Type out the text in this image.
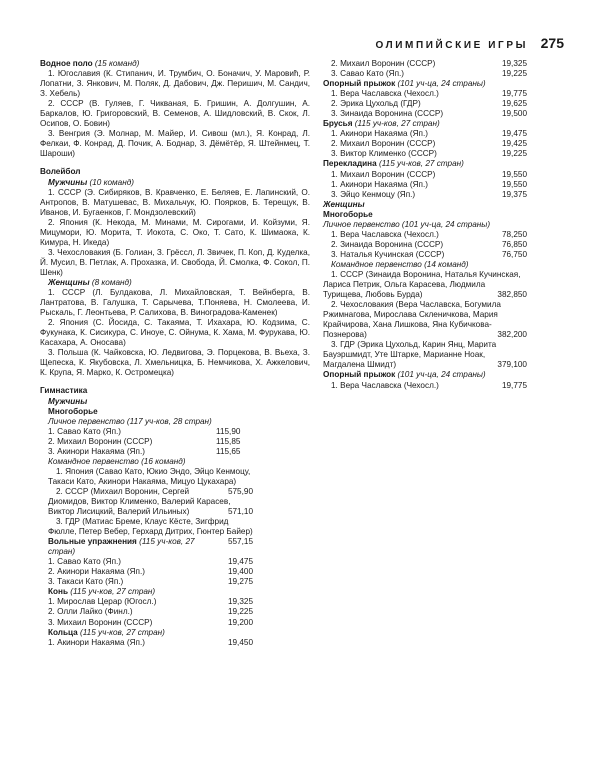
ОЛИМПИЙСКИЕ ИГРЫ 275

Водное поло (15 команд)

1. Югославия (К. Стипанич, И. Трумбич, О. Боначич, У. Маровић, Р. Лопатни, З. Янкович, М. Поляк, Д. Дабович, Дж. Перишич, М. Сандич, З. Хебель)

2. СССР (В. Гуляев, Г. Чикваная, Б. Гришин, А. Долгушин, А. Баркалов, Ю. Григоровский, В. Семенов, А. Шидловский, В. Скок, Л. Осипов, О. Бовин)

3. Венгрия (Э. Молнар, М. Майер, И. Сивош (мл.), Я. Конрад, Л. Фелкаи, Ф. Конрад, Д. Почик, А. Боднар, З. Дёмётёр, Я. Штейнмец, Т. Шароши)

Волейбол

Мужчины (10 команд)

1. СССР (Э. Сибиряков, В. Кравченко, Е. Беляев, Е. Лапинский, О. Антропов, В. Матушевас, В. Михальчук, Ю. Поярков, Б. Терещук, В. Иванов, И. Бугаенков, Г. Мондзолевский)

2. Япония (К. Некода, М. Минами, М. Сирогами, И. Койзуми, Я. Мицумори, Ю. Морита, Т. Иокота, С. Око, Т. Сато, К. Шимаока, К. Кимура, Н. Икеда)

3. Чехословакия (Б. Голиан, З. Грёссл, Л. Звичек, П. Коп, Д. Куделка, Й. Мусил, В. Петлак, А. Прохазка, И. Свобода, Й. Смолка, Ф. Сокол, П. Шенк)

Женщины (8 команд)

1. СССР (Л. Булдакова, Л. Михайловская, Т. Вейнберга, В. Лантратова, В. Галушка, Т. Сарычева, Т.Поняева, Н. Смолеева, И. Рыскаль, Г. Леонтьева, Р. Салихова, В. Виноградова-Каменек)

2. Япония (С. Йосида, С. Такаяма, Т. Ихахара, Ю. Кодзима, С. Фукунака, К. Сисикура, С. Иноуе, С. Ойнума, К. Хама, М. Фурукава, Ю. Касахара, А. Оноcaва)

3. Польша (К. Чайковска, Ю. Ледвигова, Э. Порцекова, В. Вьеха, З. Щепеcка, К. Якубовска, Л. Хмельницка, Б. Немчикова, Х. Ажкелович, К. Крупа, Я. Марко, К. Остромецка)

Гимнастика

Мужчины

Многоборье

Личное первенство (117 уч-ков, 28 стран)

1. Савао Като (Яп.)	115,90
2. Михаил Воронин (СССР)	115,85
3. Акинори Накаяма (Яп.)	115,65

Командное первенство (16 команд)

1. Япония (Савао Като, Юкио Эндо, Эйцо Кенмоцу, Такаси Като, Акинори Накаяма, Мицуо Цукахара)
575,90

2. СССР (Михаил Воронин, Сергей Диомидов, Виктор Клименко, Валерий Карасев, Виктор Лисицкий, Валерий Ильиных)	571,10

3. ГДР (Матиас Бреме, Клаус Кёсте, Зигфрид Фюлле, Петер Вебер, Герхард Дитрих, Гюнтер Байер)
557,15

Вольные упражнения (115 уч-ков, 27 стран)

1. Савао Като (Яп.)	19,475
2. Акинори Накаяма (Яп.)	19,400
3. Такаси Като (Яп.)	19,275

Конь (115 уч-ков, 27 стран)

1. Мирослав Церар (Югосл.)	19,325
2. Олли Лайко (Финл.)	19,225
3. Михаил Воронин (СССР)	19,200

Кольца (115 уч-ков, 27 стран)

1. Акинори Накаяма (Яп.)	19,450
2. Михаил Воронин (СССР)	19,325
3. Савао Като (Яп.)	19,225

Опорный прыжок (101 уч-ца, 24 страны)

1. Вера Чаславска (Чехосл.)	19,775
2. Эрика Цухольд (ГДР)	19,625
3. Зинаида Воронина (СССР)	19,500

Брусья (115 уч-ков, 27 стран)

1. Акинори Накаяма (Яп.)	19,475
2. Михаил Воронин (СССР)	19,425
3. Виктор Клименко (СССР)	19,225

Перекладина (115 уч-ков, 27 стран)

1. Михаил Воронин (СССР)	19,550
1. Акинори Накаяма (Яп.)	19,550
3. Эйцо Кенмоцу (Яп.)	19,375

Женщины

Многоборье

Личное первенство (101 уч-ца, 24 страны)

1. Вера Чаславска (Чехосл.)	78,250
2. Зинаида Воронина (СССР)	76,850
3. Наталья Кучинская (СССР)	76,750

Командное первенство (14 команд)

1. СССР (Зинаида Воронина, Наталья Кучинская, Лариса Петрик, Ольга Карасева, Людмила Турищева, Любовь Бурда)	382,850

2. Чехословакия (Вера Чаславска, Богумила Ржимнагова, Мирослава Скленичкова, Мария Крайчирова, Хана Лишкова, Яна Кубичкова-Познерова)	382,200

3. ГДР (Эрика Цухольд, Карин Янц, Марита Бауэршмидт, Уте Штарке, Марианне Ноак, Магдалена Шмидт)	379,100

Опорный прыжок (101 уч-ца, 24 страны)

1. Вера Чаславска (Чехосл.)	19,775
